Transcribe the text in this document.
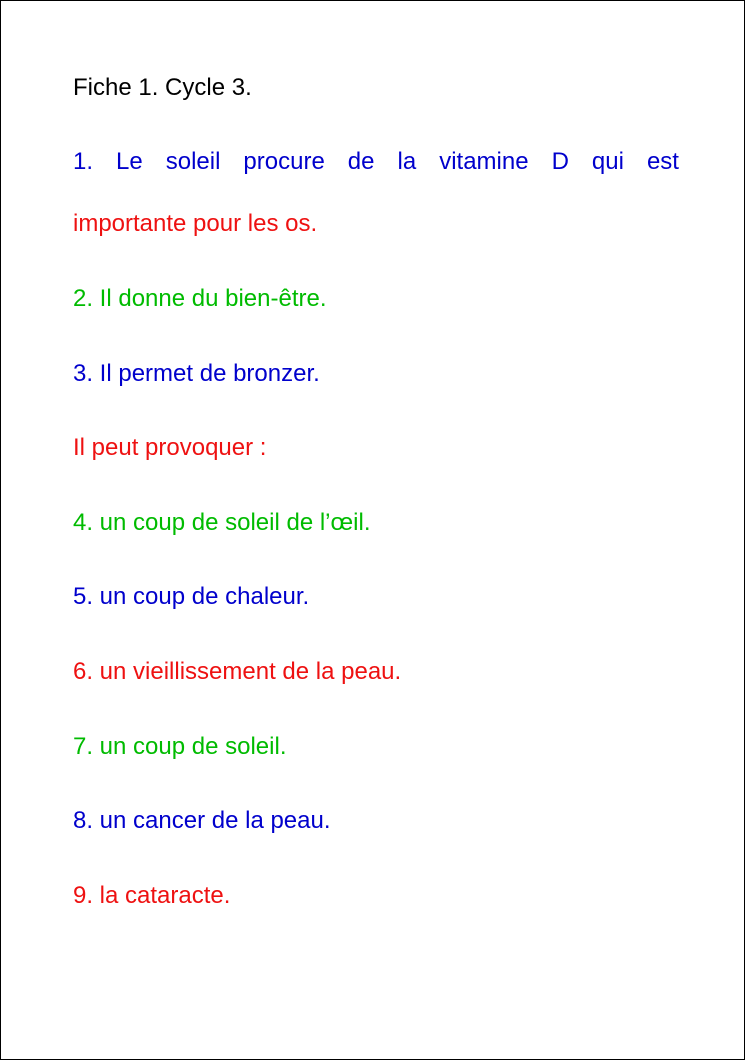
Fiche 1. Cycle 3.
1. Le soleil procure de la vitamine D qui est
importante pour les os.
2. Il donne du bien-être.
3. Il permet de bronzer.
Il peut provoquer :
4. un coup de soleil de l’œil.
5. un coup de chaleur.
6. un vieillissement de la peau.
7. un coup de soleil.
8. un cancer de la peau.
9. la cataracte.
